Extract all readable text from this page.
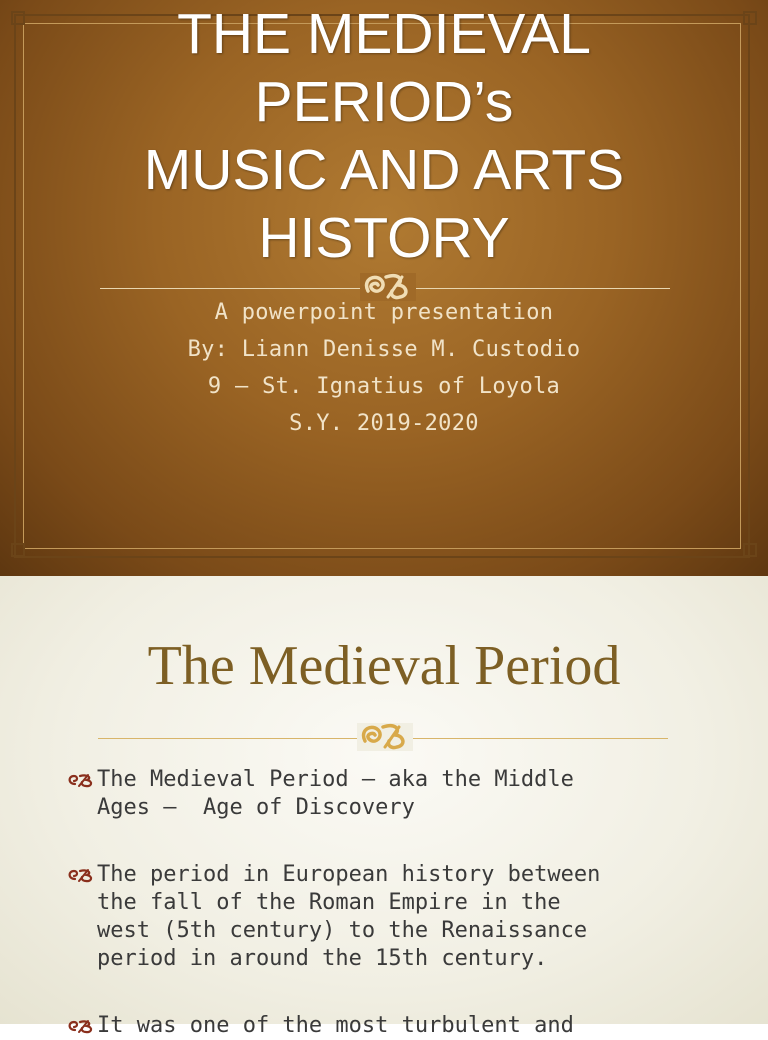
THE MEDIEVAL
PERIOD’s
MUSIC AND ARTS
HISTORY
A powerpoint presentation
By: Liann Denisse M. Custodio
9 – St. Ignatius of Loyola
S.Y. 2019-2020
The Medieval Period
The Medieval Period – aka the Middle
Ages –  Age of Discovery
The period in European history between
the fall of the Roman Empire in the
west (5th century) to the Renaissance
period in around the 15th century.
It was one of the most turbulent and
